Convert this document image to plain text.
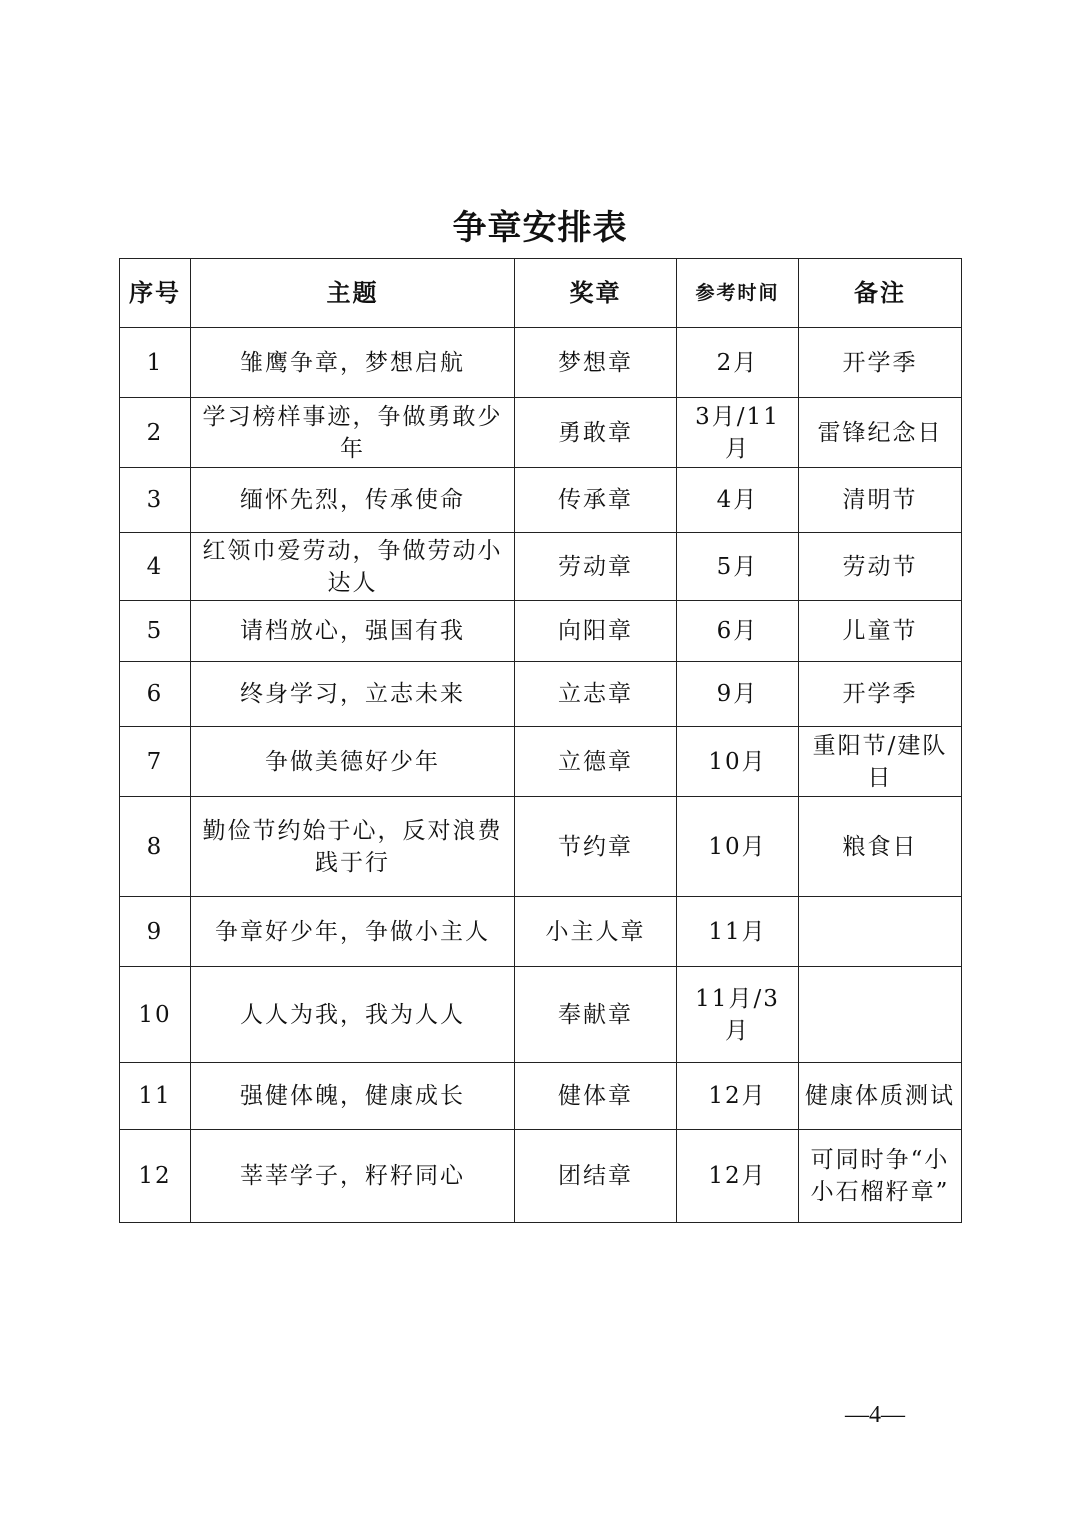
争章安排表
序号	主题	奖章	参考时间	备注
1	雏鹰争章，梦想启航	梦想章	2月	开学季
2	学习榜样事迹，争做勇敢少年	勇敢章	3月/11月	雷锋纪念日
3	缅怀先烈，传承使命	传承章	4月	清明节
4	红领巾爱劳动，争做劳动小达人	劳动章	5月	劳动节
5	请档放心，强国有我	向阳章	6月	儿童节
6	终身学习，立志未来	立志章	9月	开学季
7	争做美德好少年	立德章	10月	重阳节/建队日
8	勤俭节约始于心，反对浪费践于行	节约章	10月	粮食日
9	争章好少年，争做小主人	小主人章	11月	
10	人人为我，我为人人	奉献章	11月/3月	
11	强健体魄，健康成长	健体章	12月	健康体质测试
12	莘莘学子，籽籽同心	团结章	12月	可同时争“小小石榴籽章”
—4—
